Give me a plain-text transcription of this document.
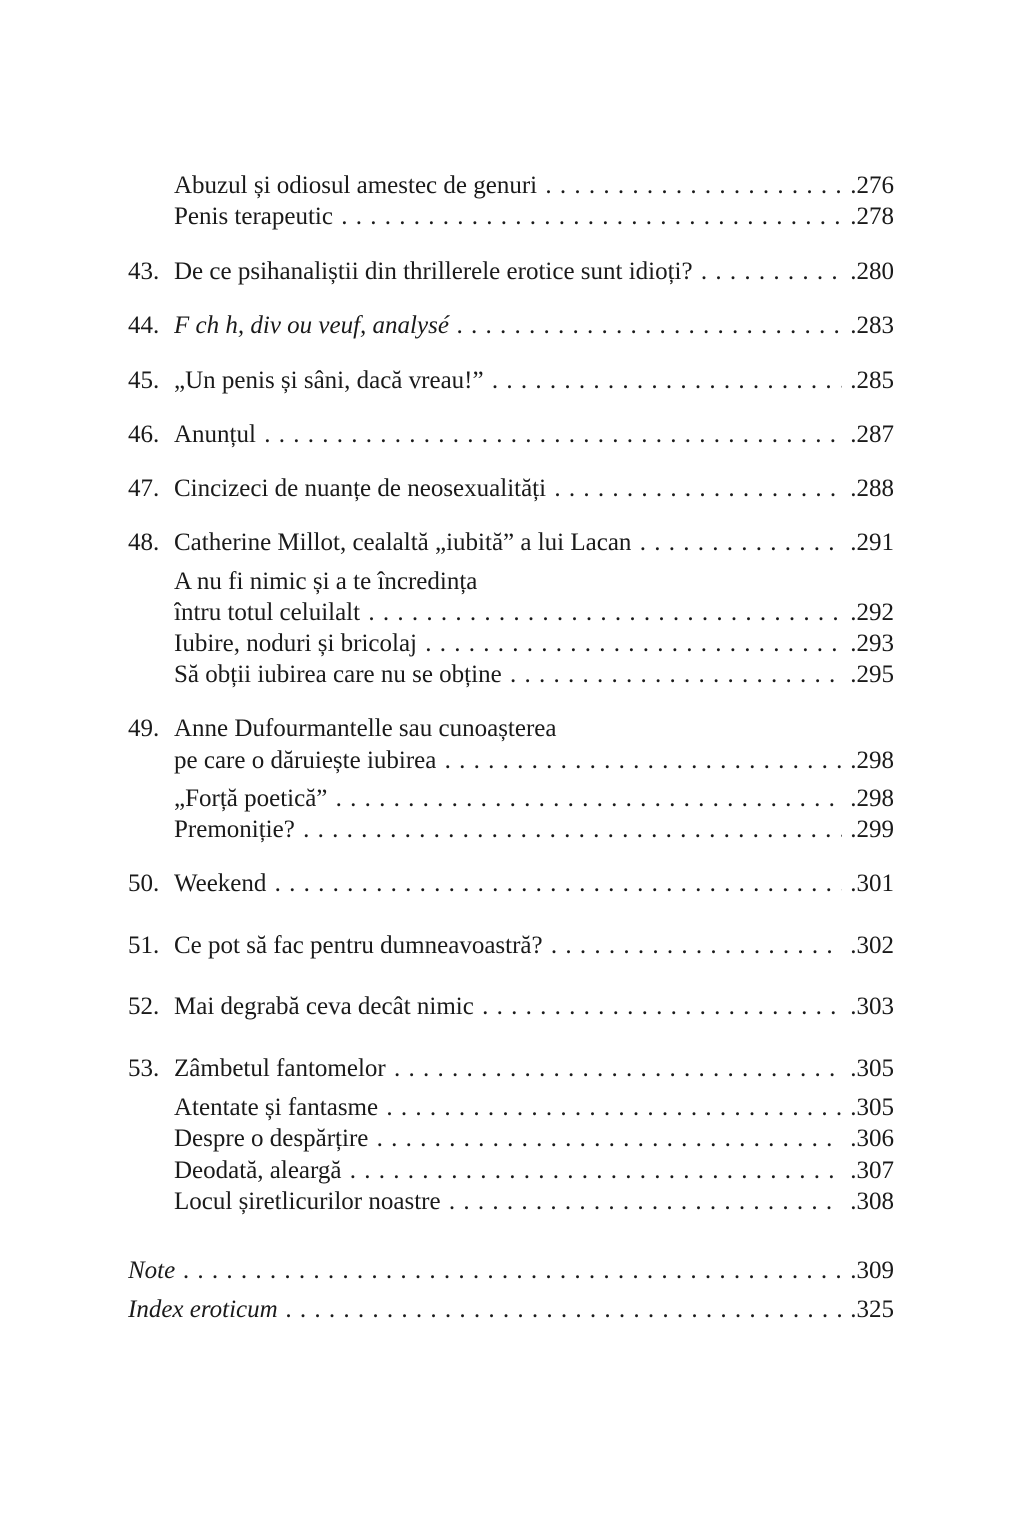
Abuzul și odiosul amestec de genuri . . .	.276
Penis terapeutic . . .	.278
43. De ce psihanaliștii din thrillerele erotice sunt idioți? . . .	.280
44. F ch h, div ou veuf, analysé . . .	.283
45. „Un penis și sâni, dacă vreau!” . . .	.285
46. Anunțul . . .	.287
47. Cincizeci de nuanțe de neosexualități . . .	.288
48. Catherine Millot, cealaltă „iubită” a lui Lacan . . .	.291
A nu fi nimic și a te încredința
întru totul celuilalt . . .	.292
Iubire, noduri și bricolaj . . .	.293
Să obții iubirea care nu se obține . . .	.295
49. Anne Dufourmantelle sau cunoașterea
pe care o dăruiește iubirea . . .	.298
„Forță poetică” . . .	.298
Premoniție? . . .	.299
50. Weekend . . .	.301
51. Ce pot să fac pentru dumneavoastră? . . .	.302
52. Mai degrabă ceva decât nimic . . .	.303
53. Zâmbetul fantomelor . . .	.305
Atentate și fantasme . . .	.305
Despre o despărțire . . .	.306
Deodată, aleargă . . .	.307
Locul șiretlicurilor noastre . . .	.308
Note . . .	.309
Index eroticum . . .	.325
